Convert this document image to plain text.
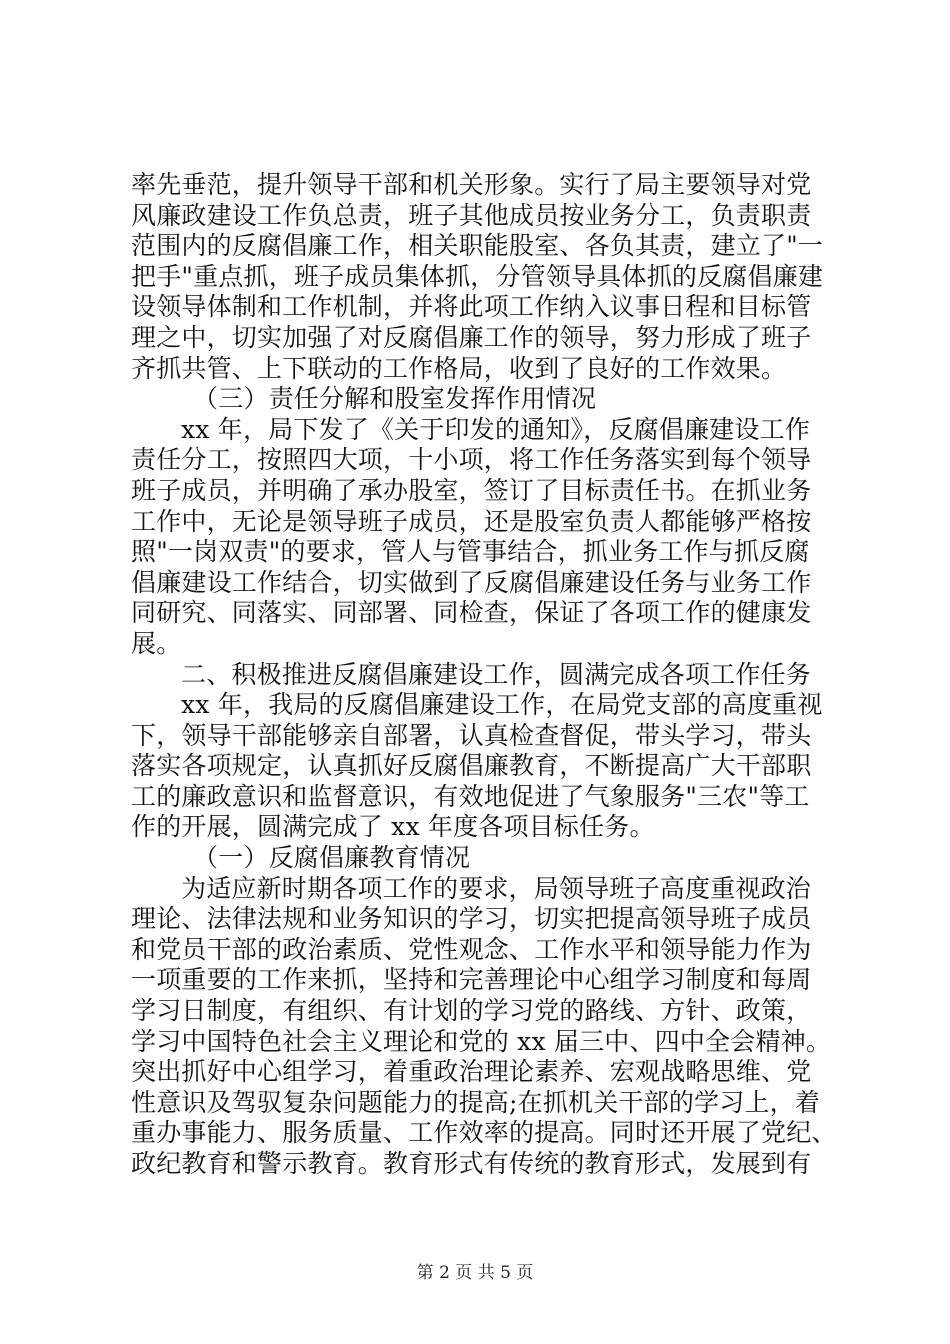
率先垂范，提升领导干部和机关形象。实行了局主要领导对党
风廉政建设工作负总责，班子其他成员按业务分工，负责职责
范围内的反腐倡廉工作，相关职能股室、各负其责，建立了"一
把手"重点抓，班子成员集体抓，分管领导具体抓的反腐倡廉建
设领导体制和工作机制，并将此项工作纳入议事日程和目标管
理之中，切实加强了对反腐倡廉工作的领导，努力形成了班子
齐抓共管、上下联动的工作格局，收到了良好的工作效果。
（三）责任分解和股室发挥作用情况
xx 年，局下发了《关于印发的通知》，反腐倡廉建设工作
责任分工，按照四大项，十小项，将工作任务落实到每个领导
班子成员，并明确了承办股室，签订了目标责任书。在抓业务
工作中，无论是领导班子成员，还是股室负责人都能够严格按
照"一岗双责"的要求，管人与管事结合，抓业务工作与抓反腐
倡廉建设工作结合，切实做到了反腐倡廉建设任务与业务工作
同研究、同落实、同部署、同检查，保证了各项工作的健康发
展。
二、积极推进反腐倡廉建设工作，圆满完成各项工作任务
xx 年，我局的反腐倡廉建设工作，在局党支部的高度重视
下，领导干部能够亲自部署，认真检查督促，带头学习，带头
落实各项规定，认真抓好反腐倡廉教育，不断提高广大干部职
工的廉政意识和监督意识，有效地促进了气象服务"三农"等工
作的开展，圆满完成了 xx 年度各项目标任务。
（一）反腐倡廉教育情况
为适应新时期各项工作的要求，局领导班子高度重视政治
理论、法律法规和业务知识的学习，切实把提高领导班子成员
和党员干部的政治素质、党性观念、工作水平和领导能力作为
一项重要的工作来抓，坚持和完善理论中心组学习制度和每周
学习日制度，有组织、有计划的学习党的路线、方针、政策，
学习中国特色社会主义理论和党的 xx 届三中、四中全会精神。
突出抓好中心组学习，着重政治理论素养、宏观战略思维、党
性意识及驾驭复杂问题能力的提高;在抓机关干部的学习上，着
重办事能力、服务质量、工作效率的提高。同时还开展了党纪、
政纪教育和警示教育。教育形式有传统的教育形式，发展到有
第 2 页 共 5 页
